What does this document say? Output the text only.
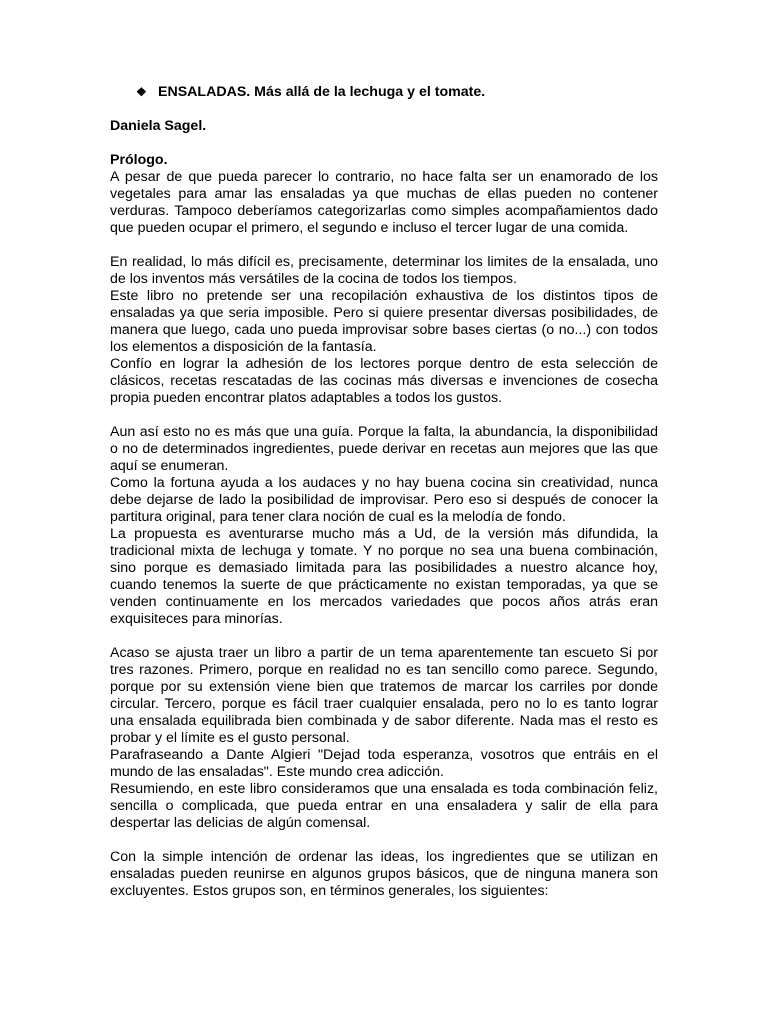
❖ ENSALADAS. Más allá de la lechuga y el tomate.
Daniela Sagel.
Prólogo.

A pesar de que pueda parecer lo contrario, no hace falta ser un enamorado de los vegetales para amar las ensaladas ya que muchas de ellas pueden no contener verduras. Tampoco deberíamos categorizarlas como simples acompañamientos dado que pueden ocupar el primero, el segundo e incluso el tercer lugar de una comida.

En realidad, lo más difícil es, precisamente, determinar los limites de la ensalada, uno de los inventos más versátiles de la cocina de todos los tiempos.

Este libro no pretende ser una recopilación exhaustiva de los distintos tipos de ensaladas ya que seria imposible. Pero si quiere presentar diversas posibilidades, de manera que luego, cada uno pueda improvisar sobre bases ciertas (o no...) con todos los elementos a disposición de la fantasía.

Confío en lograr la adhesión de los lectores porque dentro de esta selección de clásicos, recetas rescatadas de las cocinas más diversas e invenciones de cosecha propia pueden encontrar platos adaptables a todos los gustos.

Aun así esto no es más que una guía. Porque la falta, la abundancia, la disponibilidad o no de determinados ingredientes, puede derivar en recetas aun mejores que las que aquí se enumeran.

Como la fortuna ayuda a los audaces y no hay buena cocina sin creatividad, nunca debe dejarse de lado la posibilidad de improvisar. Pero eso si después de conocer la partitura original, para tener clara noción de cual es la melodía de fondo.

La propuesta es aventurarse mucho más a Ud, de la versión más difundida, la tradicional mixta de lechuga y tomate. Y no porque no sea una buena combinación, sino porque es demasiado limitada para las posibilidades a nuestro alcance hoy, cuando tenemos la suerte de que prácticamente no existan temporadas, ya que se venden continuamente en los mercados variedades que pocos años atrás eran exquisiteces para minorías.

Acaso se ajusta traer un libro a partir de un tema aparentemente tan escueto Si por tres razones. Primero, porque en realidad no es tan sencillo como parece. Segundo, porque por su extensión viene bien que tratemos de marcar los carriles por donde circular. Tercero, porque es fácil traer cualquier ensalada, pero no lo es tanto lograr una ensalada equilibrada bien combinada y de sabor diferente. Nada mas el resto es probar y el límite es el gusto personal.

Parafraseando a Dante Algieri "Dejad toda esperanza, vosotros que entráis en el mundo de las ensaladas". Este mundo crea adicción.

Resumiendo, en este libro consideramos que una ensalada es toda combinación feliz, sencilla o complicada, que pueda entrar en una ensaladera y salir de ella para despertar las delicias de algún comensal.

Con la simple intención de ordenar las ideas, los ingredientes que se utilizan en ensaladas pueden reunirse en algunos grupos básicos, que de ninguna manera son excluyentes. Estos grupos son, en términos generales, los siguientes:
